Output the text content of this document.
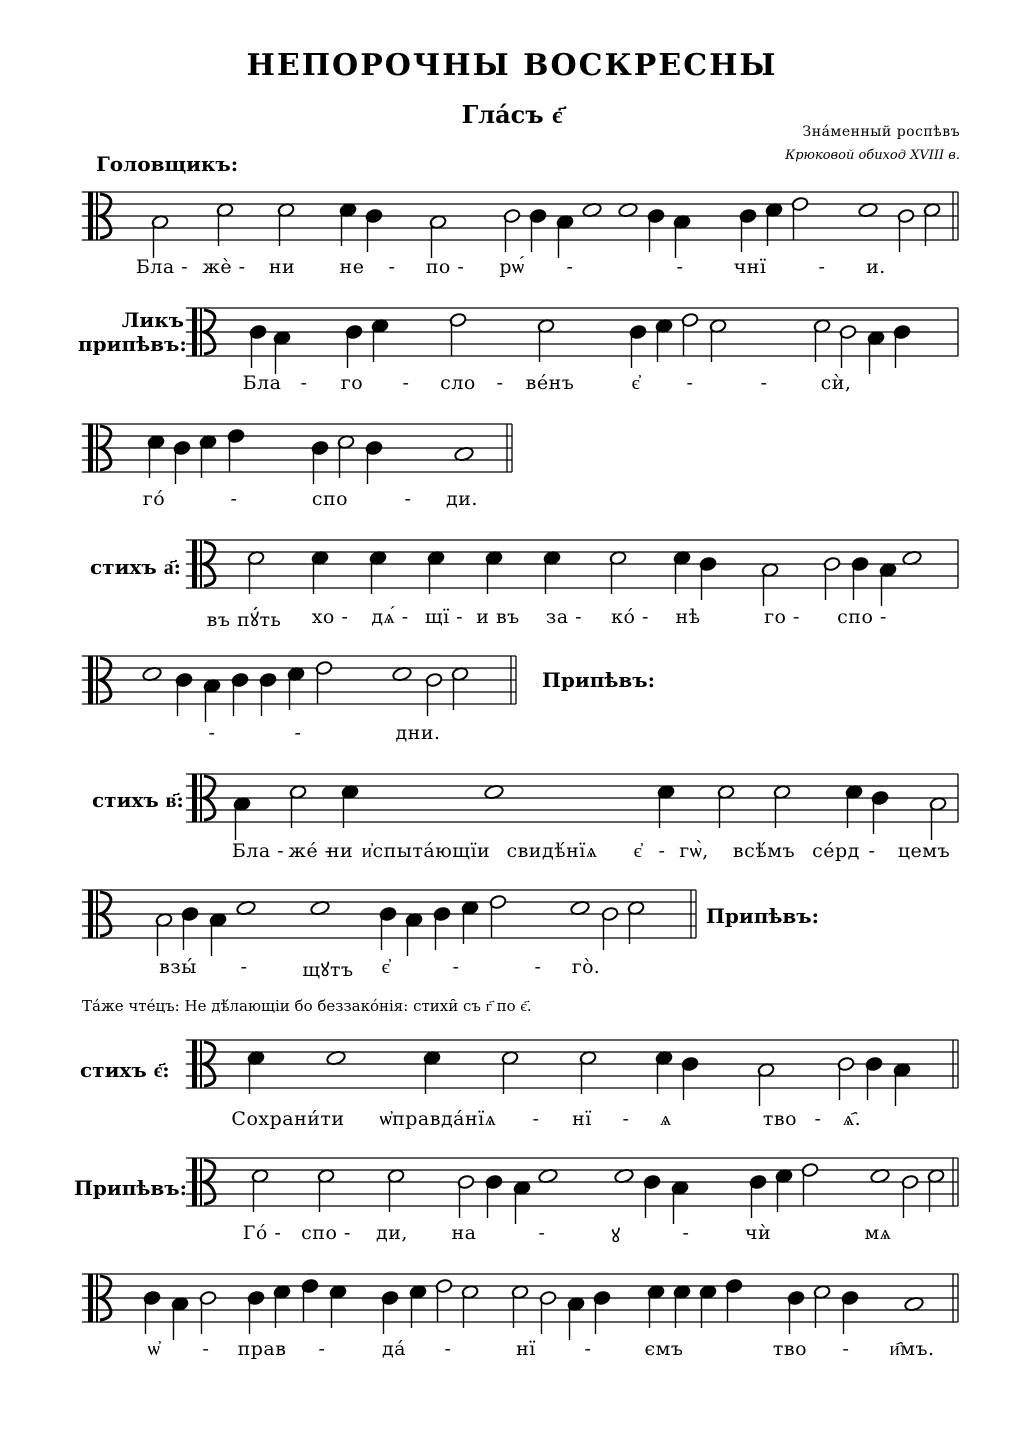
НЕПОРОЧНЫ ВОСКРЕСНЫ
Глáсъ є҃
Знáменный роспѣвъ
Крюковой обиход XVIII в.
Головщикъ:
Ликъ
припѣвъ:
стихъ а҃:
Припѣвъ:
стихъ в҃:
Припѣвъ:
Тáже чтéцъ: Не дѣ́лающiи бо беззакóнiя: стихи̑ съ г҃ по є҃.
стихъ є҃:
Припѣвъ:
Бла - жѐ - ни не - по - рѡ́ -	-	чнї	- и.
Бла - го - сло - вéнъ	є҆ -	-	сѝ,
гó	-	спо	- ди.
въ пꙋ́ть хо - дѧ́ - щї - и въ за - кó - нѣ	го - спо -
-	-	дни.
Бла - жé -
ни и҆спытáющїи свидѣ́нїѧ є҆ - гѡ̀, всѣ́мъ сéрд - цемъ
взы́ -	щꙋтъ є҆	-	- гò.
Сохрани́ти ѡ҆правда́нїѧ - нї - ѧ	тво - ѧ҄.
Гó - спо - ди, на	-	ꙋ	-	чѝ	мѧ
ѡ҆ - прав -	дá -	нї	-	ємъ	тво - и҄мъ.
